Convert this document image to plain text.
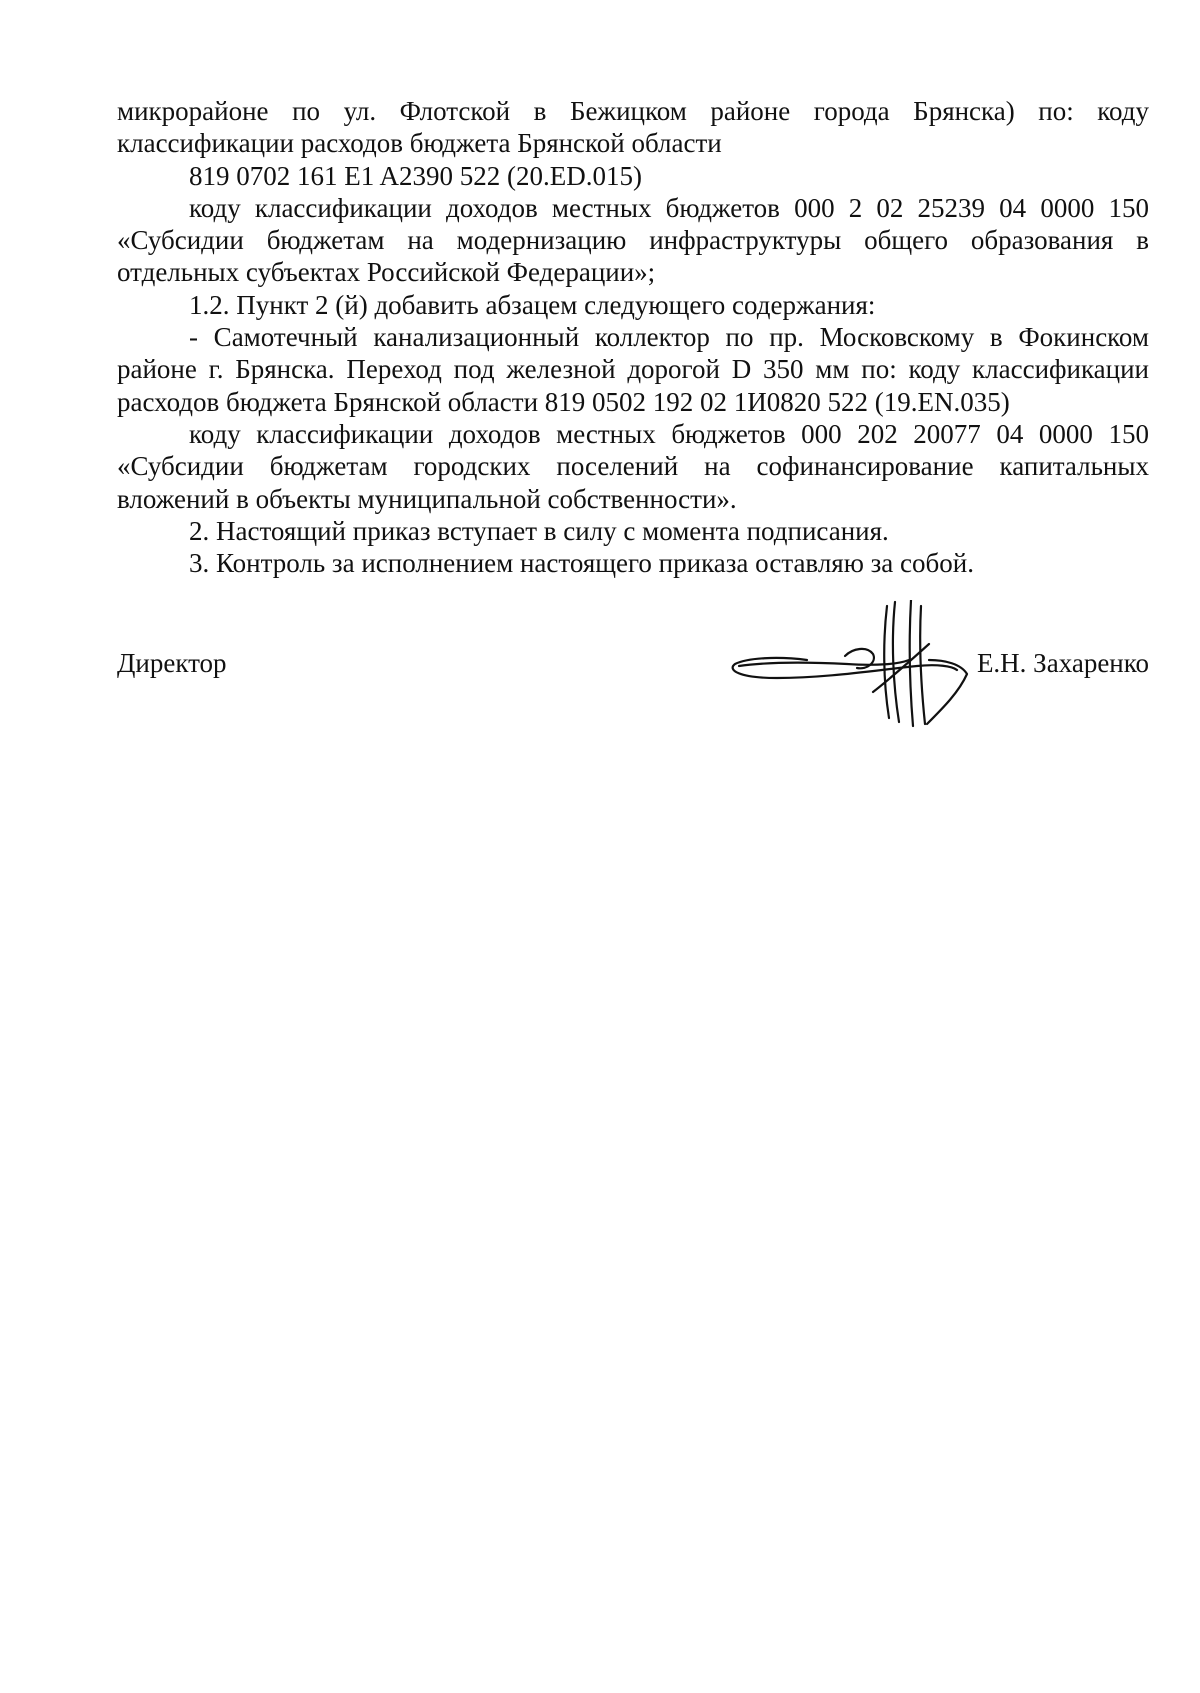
микрорайоне по ул. Флотской в Бежицком районе города Брянска) по: коду классификации расходов бюджета Брянской области

819 0702 161 E1 A2390 522 (20.ED.015)

коду классификации доходов местных бюджетов 000 2 02 25239 04 0000 150 «Субсидии бюджетам на модернизацию инфраструктуры общего образования в отдельных субъектах Российской Федерации»;

1.2. Пункт 2 (й) добавить абзацем следующего содержания:

- Самотечный канализационный коллектор по пр. Московскому в Фокинском районе г. Брянска. Переход под железной дорогой D 350 мм по: коду классификации расходов бюджета Брянской области 819 0502 192 02 1И0820 522 (19.EN.035)

коду классификации доходов местных бюджетов 000 202 20077 04 0000 150 «Субсидии бюджетам городских поселений на софинансирование капитальных вложений в объекты муниципальной собственности».

2. Настоящий приказ вступает в силу с момента подписания.

3. Контроль за исполнением настоящего приказа оставляю за собой.

Директор	Е.Н. Захаренко
